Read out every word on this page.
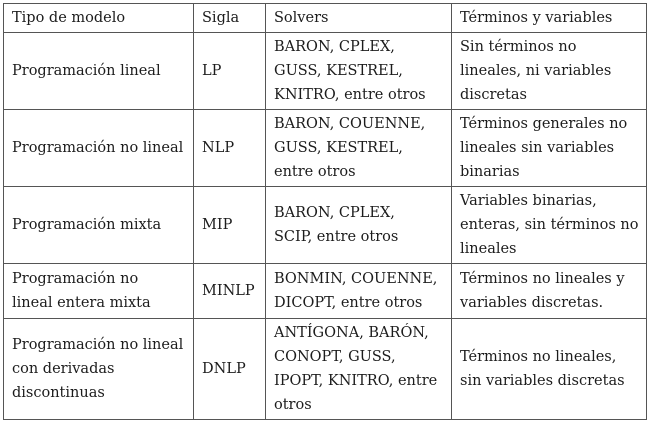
Tipo de modelo	Sigla	Solvers	Términos y variables

Programación lineal	LP	BARON, CPLEX,
GUSS, KESTREL,
KNITRO, entre otros	Sin términos no
lineales, ni variables
discretas

Programación no lineal	NLP	BARON, COUENNE,
GUSS, KESTREL,
entre otros	Términos generales no
lineales sin variables
binarias

Programación mixta	MIP	BARON, CPLEX,
SCIP, entre otros	Variables binarias,
enteras, sin términos no
lineales

Programación no
lineal entera mixta	MINLP	BONMIN, COUENNE,
DICOPT, entre otros	Términos no lineales y
variables discretas.

Programación no lineal
con derivadas
discontinuas	DNLP	ANTÍGONA, BARÓN,
CONOPT, GUSS,
IPOPT, KNITRO, entre
otros	Términos no lineales,
sin variables discretas
